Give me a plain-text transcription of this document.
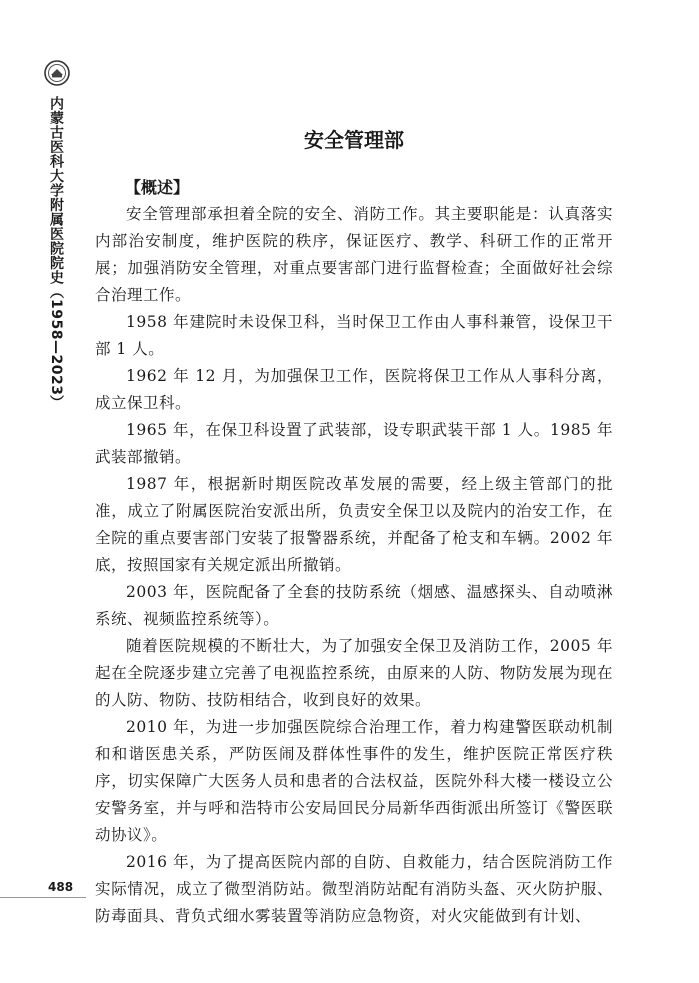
内蒙古医科大学附属医院院史（1958—2023）
488
安全管理部
【概述】

安全管理部承担着全院的安全、消防工作。其主要职能是：认真落实内部治安制度，维护医院的秩序，保证医疗、教学、科研工作的正常开展；加强消防安全管理，对重点要害部门进行监督检查；全面做好社会综合治理工作。

1958 年建院时未设保卫科，当时保卫工作由人事科兼管，设保卫干部 1 人。

1962 年 12 月，为加强保卫工作，医院将保卫工作从人事科分离，成立保卫科。

1965 年，在保卫科设置了武装部，设专职武装干部 1 人。1985 年武装部撤销。

1987 年，根据新时期医院改革发展的需要，经上级主管部门的批准，成立了附属医院治安派出所，负责安全保卫以及院内的治安工作，在全院的重点要害部门安装了报警器系统，并配备了枪支和车辆。2002 年底，按照国家有关规定派出所撤销。

2003 年，医院配备了全套的技防系统（烟感、温感探头、自动喷淋系统、视频监控系统等）。

随着医院规模的不断壮大，为了加强安全保卫及消防工作，2005 年起在全院逐步建立完善了电视监控系统，由原来的人防、物防发展为现在的人防、物防、技防相结合，收到良好的效果。

2010 年，为进一步加强医院综合治理工作，着力构建警医联动机制和和谐医患关系，严防医闹及群体性事件的发生，维护医院正常医疗秩序，切实保障广大医务人员和患者的合法权益，医院外科大楼一楼设立公安警务室，并与呼和浩特市公安局回民分局新华西街派出所签订《警医联动协议》。

2016 年，为了提高医院内部的自防、自救能力，结合医院消防工作实际情况，成立了微型消防站。微型消防站配有消防头盔、灭火防护服、防毒面具、背负式细水雾装置等消防应急物资，对火灾能做到有计划、
